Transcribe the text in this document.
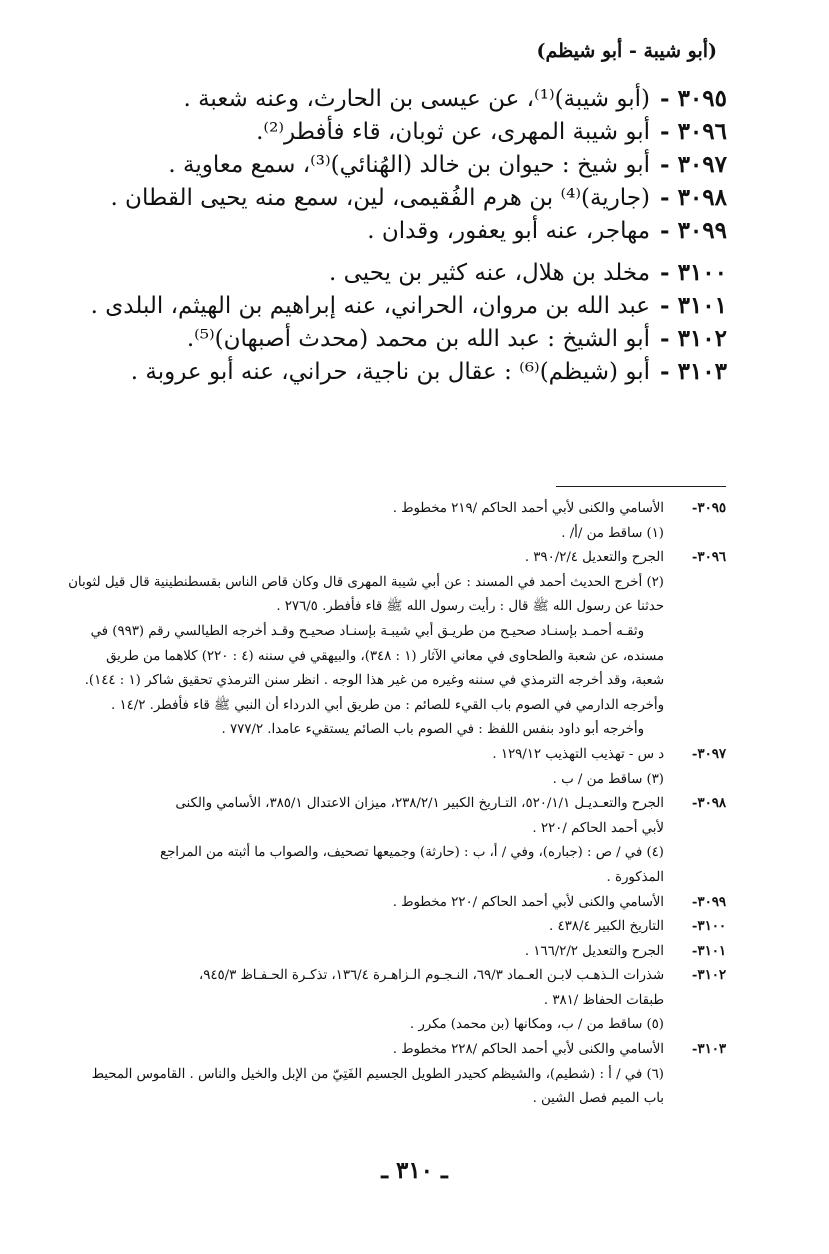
(أبو شيبة - أبو شيظم)
٣٠٩٥ -
(أبو شيبة)⁽¹⁾، عن عيسى بن الحارث، وعنه شعبة .
٣٠٩٦ -
أبو شيبة المهرى، عن ثوبان، قاء فأفطر⁽²⁾.
٣٠٩٧ -
أبو شيخ : حيوان بن خالد (الهُنائي)⁽³⁾، سمع معاوية .
٣٠٩٨ -
(جارية)⁽⁴⁾ بن هرم الفُقيمى، لين، سمع منه يحيى القطان .
٣٠٩٩ -
مهاجر، عنه أبو يعفور، وقدان .
٣١٠٠ -
مخلد بن هلال، عنه كثير بن يحيى .
٣١٠١ -
عبد الله بن مروان، الحراني، عنه إبراهيم بن الهيثم، البلدى .
٣١٠٢ -
أبو الشيخ : عبد الله بن محمد (محدث أصبهان)⁽⁵⁾.
٣١٠٣ -
أبو (شيظم)⁽⁶⁾ : عقال بن ناجية، حراني، عنه أبو عروبة .
٣٠٩٥-
الأسامي والكنى لأبي أحمد الحاكم /٢١٩ مخطوط .
(١) ساقط من /أ/ .
٣٠٩٦-
الجرح والتعديل ٣٩٠/٢/٤ .
(٢) أخرج الحديث أحمد في المسند : عن أبي شيبة المهرى قال وكان قاص الناس بقسطنطينية قال قيل لثوبان
حدثنا عن رسول الله ﷺ قال : رأيت رسول الله ﷺ قاء فأفطر. ٢٧٦/٥ .
وثقـه أحمـد بإسنـاد صحيـح من طريـق أبي شيبـة بإسنـاد صحيـح وقـد أخرجه الطيالسي رقم (٩٩٣) في
مسنده، عن شعبة والطحاوى في معاني الآثار (١ : ٣٤٨)، والبيهقي في سننه (٤ : ٢٢٠) كلاهما من طريق
شعبة، وقد أخرجه الترمذي في سننه وغيره من غير هذا الوجه . انظر سنن الترمذي تحقيق شاكر (١ : ١٤٤).
وأخرجه الدارمي في الصوم باب القيء للصائم : من طريق أبي الدرداء أن النبي ﷺ قاء فأفطر. ١٤/٢ .
وأخرجه أبو داود بنفس اللفظ : في الصوم باب الصائم يستقيء عامدا. ٧٧٧/٢ .
٣٠٩٧-
د س - تهذيب التهذيب ١٢٩/١٢ .
(٣) ساقط من / ب .
٣٠٩٨-
الجرح والتعـديـل ٥٢٠/١/١، التـاريخ الكبير ٢٣٨/٢/١، ميزان الاعتدال ٣٨٥/١، الأسامي والكنى
لأبي أحمد الحاكم /٢٢٠ .
(٤) في / ص : (جباره)، وفي / أ، ب : (حارثة) وجميعها تصحيف، والصواب ما أثبته من المراجع
المذكورة .
٣٠٩٩-
الأسامي والكنى لأبي أحمد الحاكم /٢٢٠ مخطوط .
٣١٠٠-
التاريخ الكبير ٤٣٨/٤ .
٣١٠١-
الجرح والتعديل ١٦٦/٢/٢ .
٣١٠٢-
شذرات الـذهـب لابـن العـماد ٦٩/٣، النـجـوم الـزاهـرة ١٣٦/٤، تذكـرة الحـفـاظ ٩٤٥/٣،
طبقات الحفاظ /٣٨١ .
(٥) ساقط من / ب، ومكانها (بن محمد) مكرر .
٣١٠٣-
الأسامي والكنى لأبي أحمد الحاكم /٢٢٨ مخطوط .
(٦) في / أ : (شطيم)، والشيظم كحيدر الطويل الجسيم الفَتِيّ من الإبل والخيل والناس . القاموس المحيط
باب الميم فصل الشين .
ـ ٣١٠ ـ
